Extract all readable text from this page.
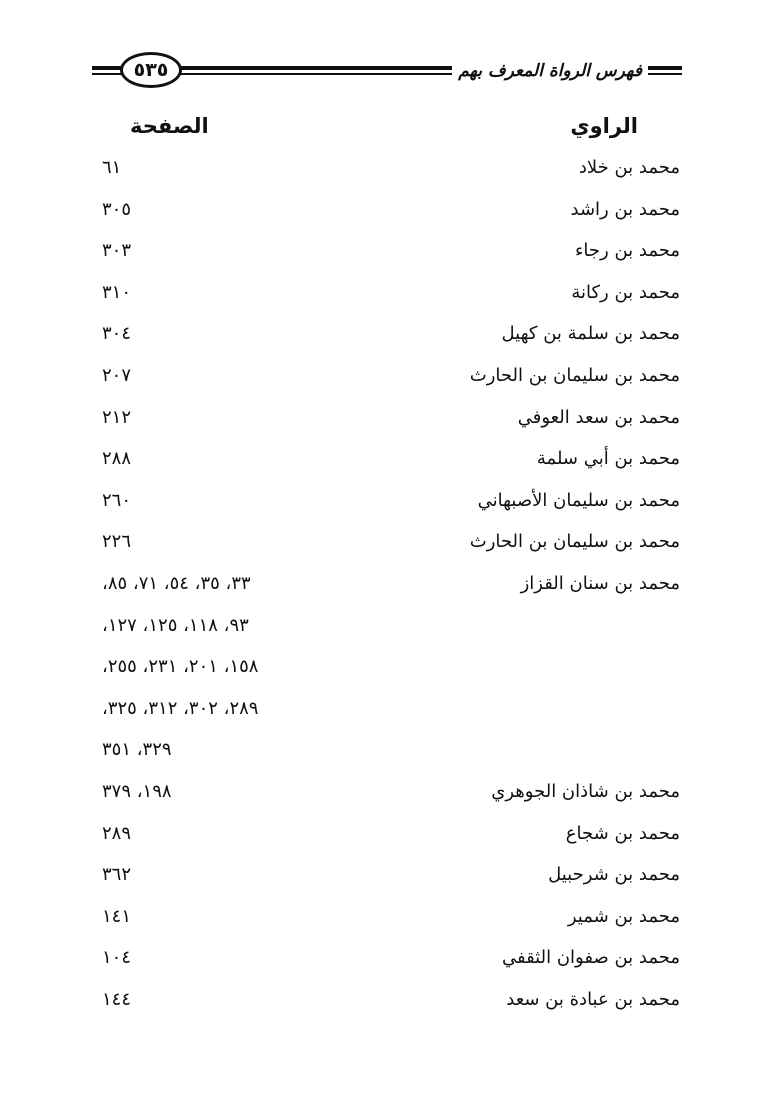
٥٣٥	فهرس الرواة المعرف بهم
الراوي
الصفحة
محمد بن خلاد
٦١
محمد بن راشد
٣٠٥
محمد بن رجاء
٣٠٣
محمد بن ركانة
٣١٠
محمد بن سلمة بن كهيل
٣٠٤
محمد بن سليمان بن الحارث
٢٠٧
محمد بن سعد العوفي
٢١٢
محمد بن أبي سلمة
٢٨٨
محمد بن سليمان الأصبهاني
٢٦٠
محمد بن سليمان بن الحارث
٢٢٦
محمد بن سنان القزاز
٣٣، ٣٥، ٥٤، ٧١، ٨٥،
٩٣، ١١٨، ١٢٥، ١٢٧،
١٥٨، ٢٠١، ٢٣١، ٢٥٥،
٢٨٩، ٣٠٢، ٣١٢، ٣٢٥،
٣٢٩، ٣٥١
محمد بن شاذان الجوهري
١٩٨، ٣٧٩
محمد بن شجاع
٢٨٩
محمد بن شرحبيل
٣٦٢
محمد بن شمير
١٤١
محمد بن صفوان الثقفي
١٠٤
محمد بن عبادة بن سعد
١٤٤
